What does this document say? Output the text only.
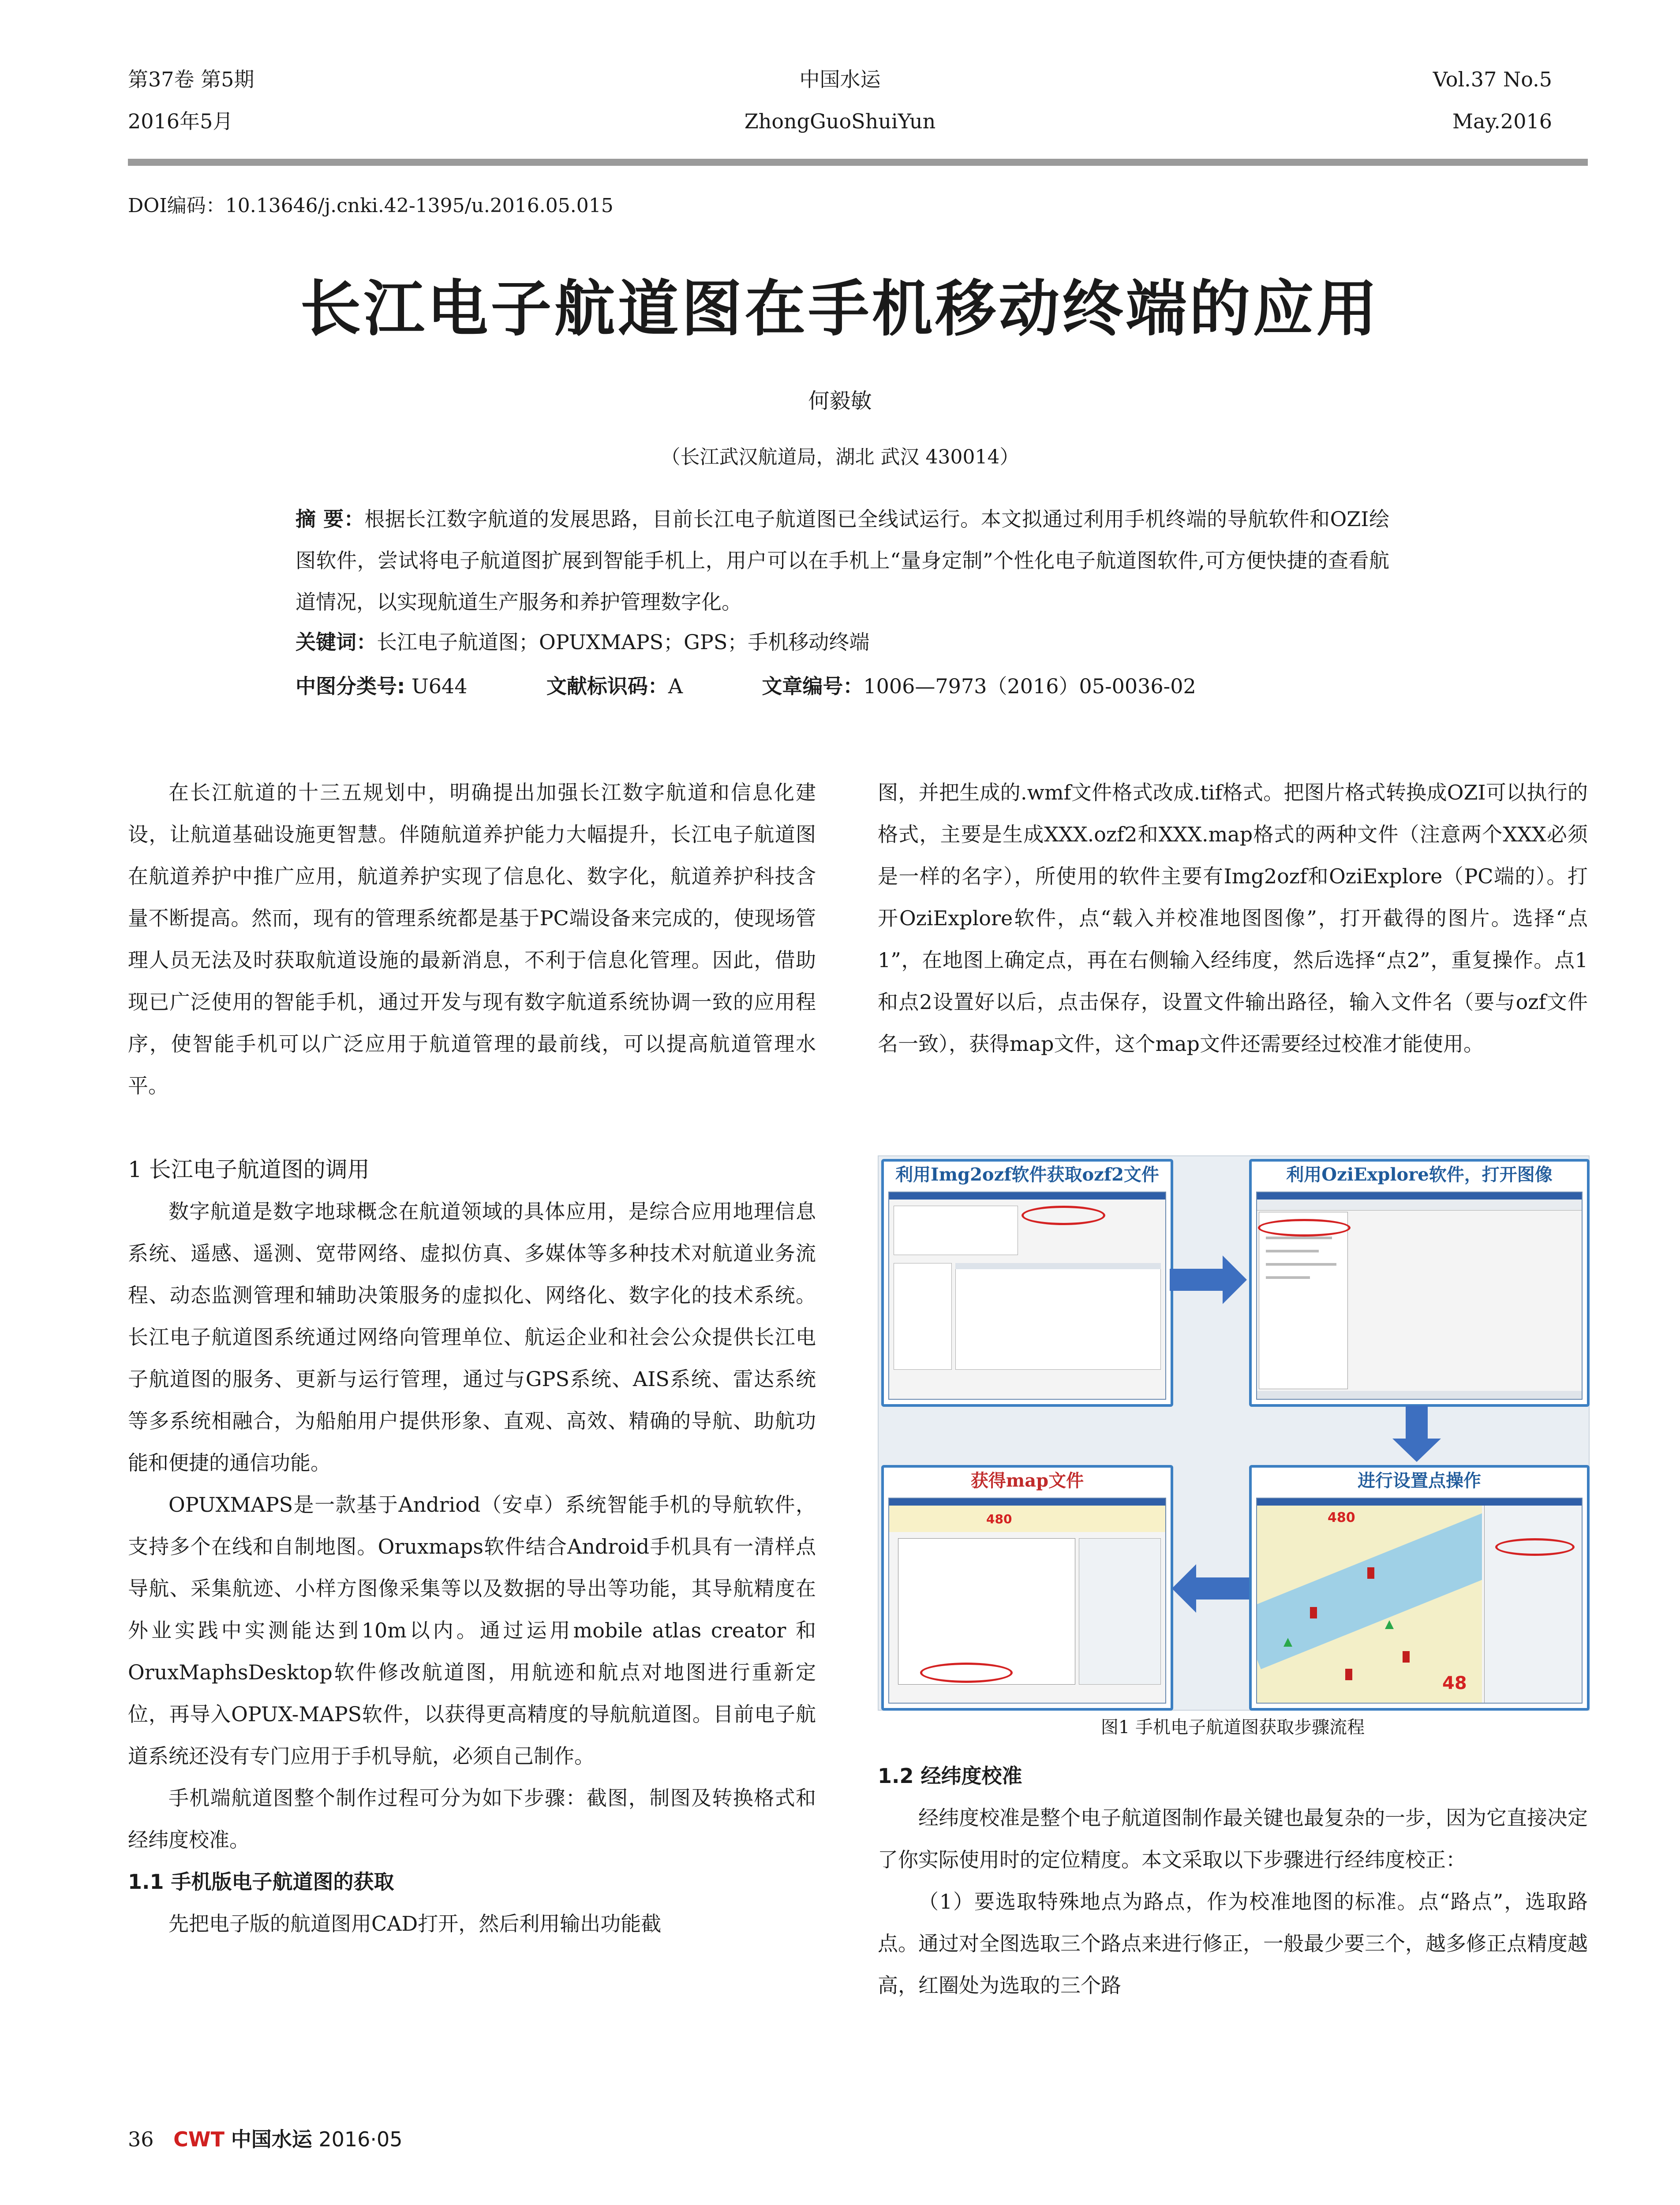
第37卷 第5期
2016年5月
中国水运
ZhongGuoShuiYun
Vol.37 No.5
May.2016
DOI编码：10.13646/j.cnki.42-1395/u.2016.05.015
长江电子航道图在手机移动终端的应用
何毅敏
（长江武汉航道局，湖北 武汉 430014）
摘 要：根据长江数字航道的发展思路，目前长江电子航道图已全线试运行。本文拟通过利用手机终端的导航软件和OZI绘图软件，尝试将电子航道图扩展到智能手机上，用户可以在手机上“量身定制”个性化电子航道图软件,可方便快捷的查看航道情况，以实现航道生产服务和养护管理数字化。
关键词：长江电子航道图；OPUXMAPS；GPS；手机移动终端
中图分类号: U644	文献标识码：A	文章编号：1006—7973（2016）05-0036-02

在长江航道的十三五规划中，明确提出加强长江数字航道和信息化建设，让航道基础设施更智慧。伴随航道养护能力大幅提升，长江电子航道图在航道养护中推广应用，航道养护实现了信息化、数字化，航道养护科技含量不断提高。然而，现有的管理系统都是基于PC端设备来完成的，使现场管理人员无法及时获取航道设施的最新消息，不利于信息化管理。因此，借助现已广泛使用的智能手机，通过开发与现有数字航道系统协调一致的应用程序，使智能手机可以广泛应用于航道管理的最前线，可以提高航道管理水平。

1 长江电子航道图的调用

数字航道是数字地球概念在航道领域的具体应用，是综合应用地理信息系统、遥感、遥测、宽带网络、虚拟仿真、多媒体等多种技术对航道业务流程、动态监测管理和辅助决策服务的虚拟化、网络化、数字化的技术系统。长江电子航道图系统通过网络向管理单位、航运企业和社会公众提供长江电子航道图的服务、更新与运行管理，通过与GPS系统、AIS系统、雷达系统等多系统相融合，为船舶用户提供形象、直观、高效、精确的导航、助航功能和便捷的通信功能。

OPUXMAPS是一款基于Andriod（安卓）系统智能手机的导航软件，支持多个在线和自制地图。Oruxmaps软件结合Android手机具有一清样点导航、采集航迹、小样方图像采集等以及数据的导出等功能，其导航精度在外业实践中实测能达到10m以内。通过运用mobile atlas creator 和OruxMaphsDesktop软件修改航道图，用航迹和航点对地图进行重新定位，再导入OPUX-MAPS软件，以获得更高精度的导航航道图。目前电子航道系统还没有专门应用于手机导航，必须自己制作。

手机端航道图整个制作过程可分为如下步骤：截图，制图及转换格式和经纬度校准。

1.1 手机版电子航道图的获取

先把电子版的航道图用CAD打开，然后利用输出功能截

图，并把生成的.wmf文件格式改成.tif格式。把图片格式转换成OZI可以执行的格式，主要是生成XXX.ozf2和XXX.map格式的两种文件（注意两个XXX必须是一样的名字），所使用的软件主要有Img2ozf和OziExplore（PC端的）。打开OziExplore软件，点“载入并校准地图图像”，打开截得的图片。选择“点1”，在地图上确定点，再在右侧输入经纬度，然后选择“点2”，重复操作。点1和点2设置好以后，点击保存，设置文件输出路径，输入文件名（要与ozf文件名一致），获得map文件，这个map文件还需要经过校准才能使用。

利用Img2ozf软件获取ozf2文件	利用OziExplore软件，打开图像
获得map文件
480
进行设置点操作
480
48
图1 手机电子航道图获取步骤流程
1.2 经纬度校准

经纬度校准是整个电子航道图制作最关键也最复杂的一步，因为它直接决定了你实际使用时的定位精度。本文采取以下步骤进行经纬度校正：

（1）要选取特殊地点为路点，作为校准地图的标准。点“路点”，选取路点。通过对全图选取三个路点来进行修正，一般最少要三个，越多修正点精度越高，红圈处为选取的三个路

36 CWT 中国水运 2016·05
